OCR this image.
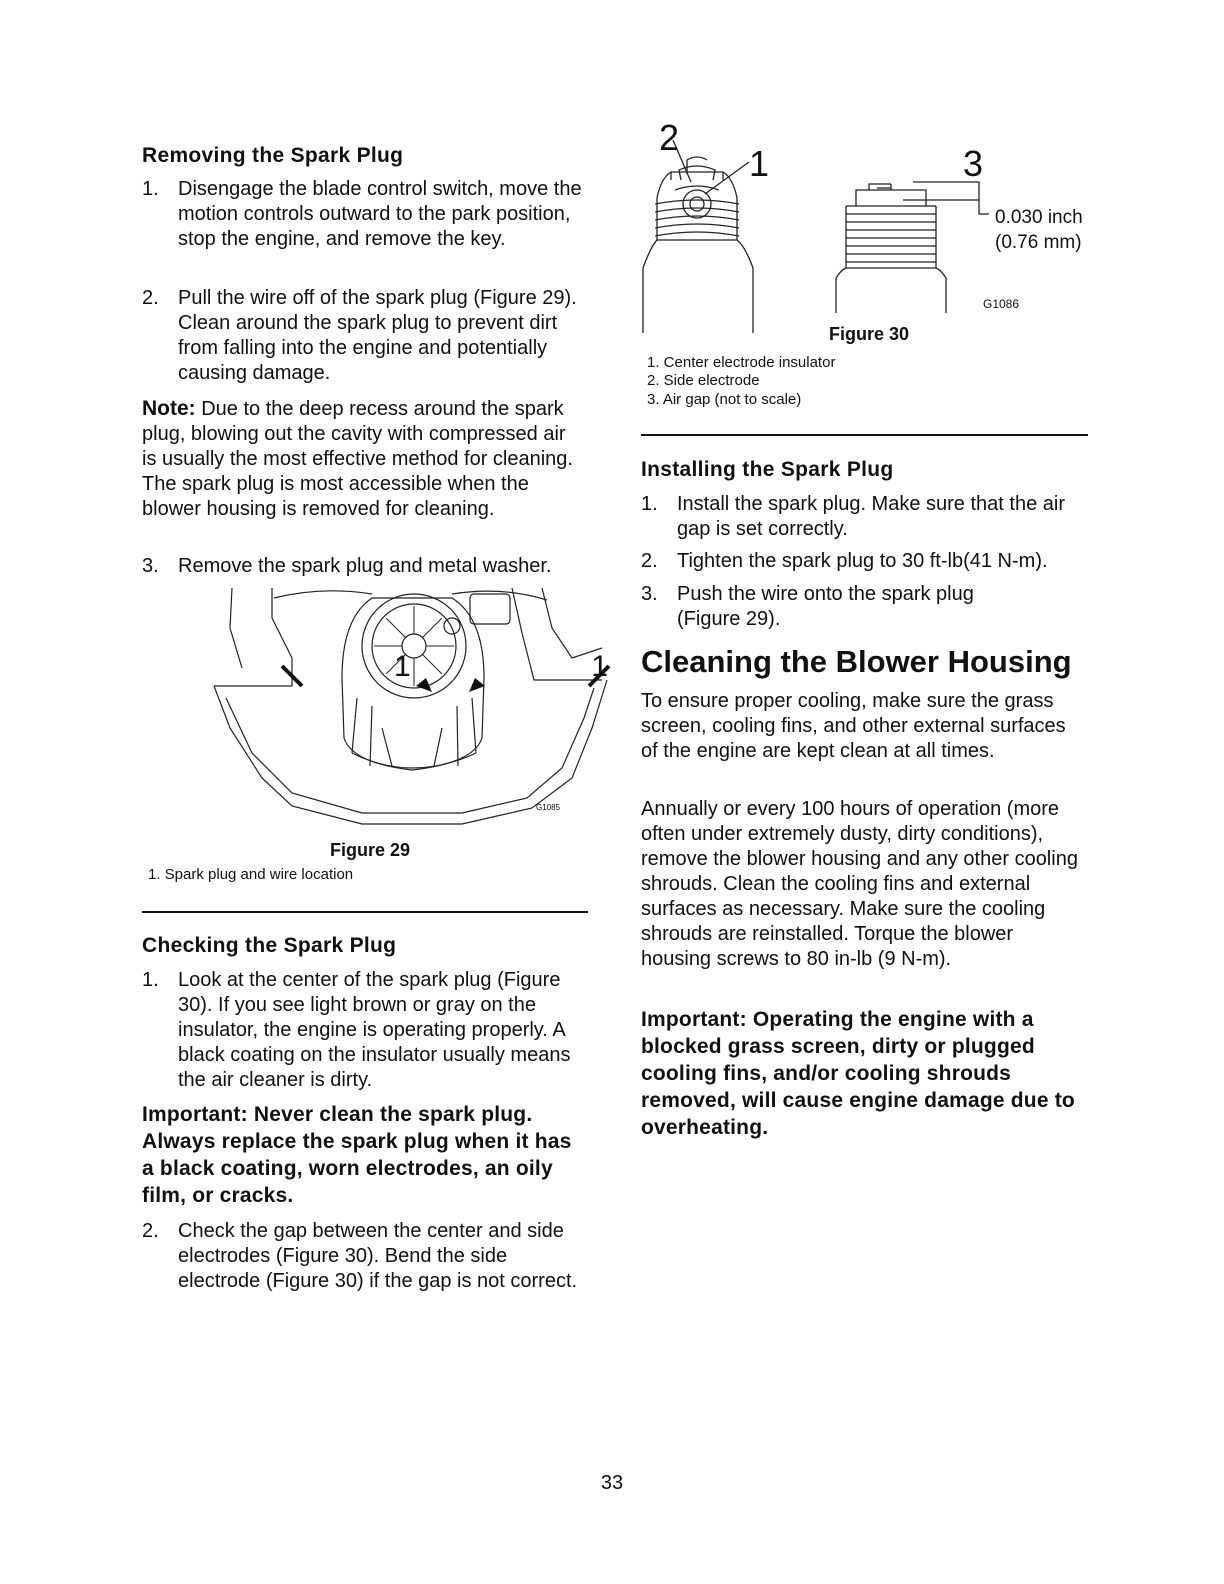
Removing the Spark Plug
1. Disengage the blade control switch, move the motion controls outward to the park position, stop the engine, and remove the key.
2. Pull the wire off of the spark plug (Figure 29). Clean around the spark plug to prevent dirt from falling into the engine and potentially causing damage.
Note: Due to the deep recess around the spark plug, blowing out the cavity with compressed air is usually the most effective method for cleaning. The spark plug is most accessible when the blower housing is removed for cleaning.
3. Remove the spark plug and metal washer.
1	1
G1085
Figure 29
1. Spark plug and wire location
Checking the Spark Plug
1. Look at the center of the spark plug (Figure 30). If you see light brown or gray on the insulator, the engine is operating properly. A black coating on the insulator usually means the air cleaner is dirty.
Important: Never clean the spark plug. Always replace the spark plug when it has a black coating, worn electrodes, an oily film, or cracks.
2. Check the gap between the center and side electrodes (Figure 30). Bend the side electrode (Figure 30) if the gap is not correct.
2
1	3
0.030 inch
(0.76 mm)
G1086
Figure 30
1. Center electrode insulator
2. Side electrode
3. Air gap (not to scale)
Installing the Spark Plug
1. Install the spark plug. Make sure that the air gap is set correctly.
2. Tighten the spark plug to 30 ft-lb(41 N-m).
3. Push the wire onto the spark plug (Figure 29).
Cleaning the Blower Housing
To ensure proper cooling, make sure the grass screen, cooling fins, and other external surfaces of the engine are kept clean at all times.
Annually or every 100 hours of operation (more often under extremely dusty, dirty conditions), remove the blower housing and any other cooling shrouds. Clean the cooling fins and external surfaces as necessary. Make sure the cooling shrouds are reinstalled. Torque the blower housing screws to 80 in-lb (9 N-m).
Important: Operating the engine with a blocked grass screen, dirty or plugged cooling fins, and/or cooling shrouds removed, will cause engine damage due to overheating.
33
